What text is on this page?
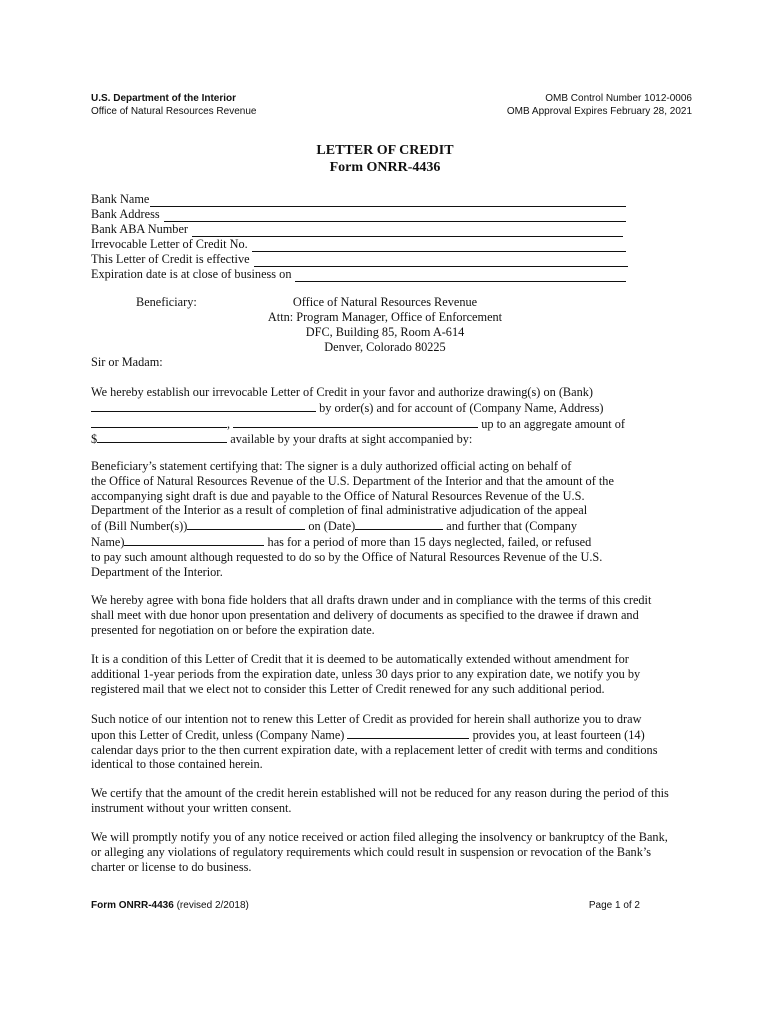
U.S. Department of the Interior
Office of Natural Resources Revenue
OMB Control Number 1012-0006
OMB Approval Expires February 28, 2021
LETTER OF CREDIT
Form ONRR-4436
Bank Name
Bank Address
Bank ABA Number
Irrevocable Letter of Credit No.
This Letter of Credit is effective
Expiration date is at close of business on
Beneficiary:	Office of Natural Resources Revenue
Attn: Program Manager, Office of Enforcement
DFC, Building 85, Room A-614
Denver, Colorado 80225
Sir or Madam:
We hereby establish our irrevocable Letter of Credit in your favor and authorize drawing(s) on (Bank)
by order(s) and for account of (Company Name, Address)
,	up to an aggregate amount of
$	available by your drafts at sight accompanied by:
Beneficiary’s statement certifying that: The signer is a duly authorized official acting on behalf of
the Office of Natural Resources Revenue of the U.S. Department of the Interior and that the amount of the
accompanying sight draft is due and payable to the Office of Natural Resources Revenue of the U.S.
Department of the Interior as a result of completion of final administrative adjudication of the appeal
of (Bill Number(s))	on (Date)	and further that (Company
Name)	has for a period of more than 15 days neglected, failed, or refused
to pay such amount although requested to do so by the Office of Natural Resources Revenue of the U.S.
Department of the Interior.
We hereby agree with bona fide holders that all drafts drawn under and in compliance with the terms of this credit shall meet with due honor upon presentation and delivery of documents as specified to the drawee if drawn and presented for negotiation on or before the expiration date.
It is a condition of this Letter of Credit that it is deemed to be automatically extended without amendment for additional 1-year periods from the expiration date, unless 30 days prior to any expiration date, we notify you by registered mail that we elect not to consider this Letter of Credit renewed for any such additional period.
Such notice of our intention not to renew this Letter of Credit as provided for herein shall authorize you to draw
upon this Letter of Credit, unless (Company Name)	provides you, at least fourteen (14)
calendar days prior to the then current expiration date, with a replacement letter of credit with terms and conditions
identical to those contained herein.
We certify that the amount of the credit herein established will not be reduced for any reason during the period of this instrument without your written consent.
We will promptly notify you of any notice received or action filed alleging the insolvency or bankruptcy of the Bank, or alleging any violations of regulatory requirements which could result in suspension or revocation of the Bank’s charter or license to do business.
Form ONRR-4436 (revised 2/2018)	Page 1 of 2
